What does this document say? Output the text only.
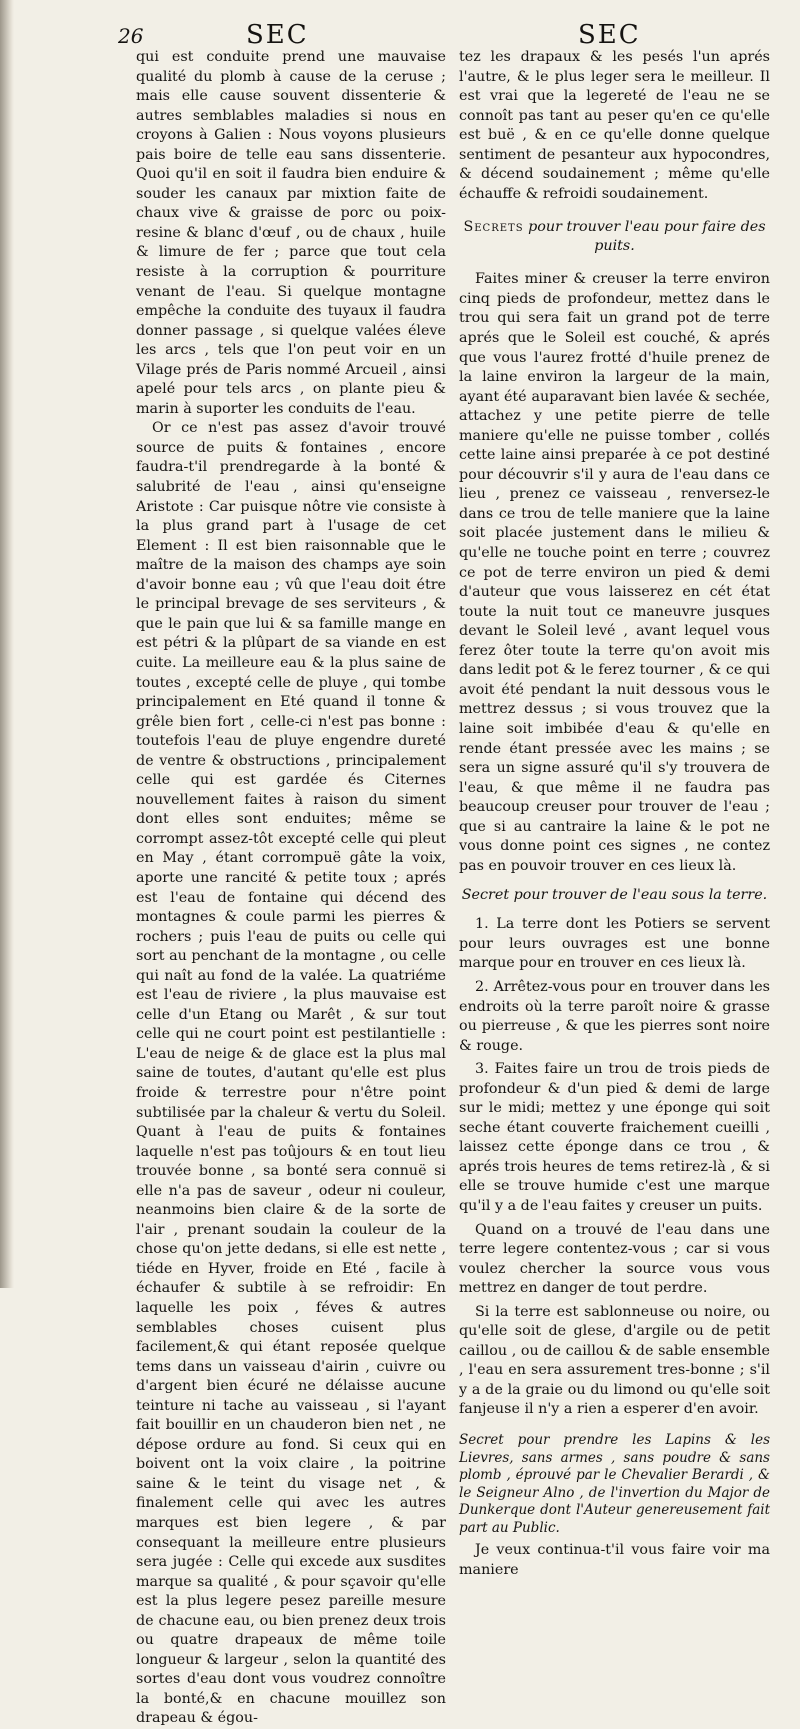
26	SEC	SEC

qui est conduite prend une mauvaise qualité du plomb à cause de la ceruse ; mais elle cause souvent dissenterie & autres semblables maladies si nous en croyons à Galien : Nous voyons plusieurs pais boire de telle eau sans dissenterie. Quoi qu'il en soit il faudra bien enduire & souder les canaux par mixtion faite de chaux vive & graisse de porc ou poix-resine & blanc d'œuf , ou de chaux , huile & limure de fer ; parce que tout cela resiste à la corruption & pourriture venant de l'eau. Si quelque montagne empêche la conduite des tuyaux il faudra donner passage , si quelque valées éleve les arcs , tels que l'on peut voir en un Vilage prés de Paris nommé Arcueil , ainsi apelé pour tels arcs , on plante pieu & marin à suporter les conduits de l'eau.

Or ce n'est pas assez d'avoir trouvé source de puits & fontaines , encore faudra-t'il prendregarde à la bonté & salubrité de l'eau , ainsi qu'enseigne Aristote : Car puisque nôtre vie consiste à la plus grand part à l'usage de cet Element : Il est bien raisonnable que le maître de la maison des champs aye soin d'avoir bonne eau ; vû que l'eau doit étre le principal brevage de ses serviteurs , & que le pain que lui & sa famille mange en est pétri & la plûpart de sa viande en est cuite. La meilleure eau & la plus saine de toutes , excepté celle de pluye , qui tombe principalement en Eté quand il tonne & grêle bien fort , celle-ci n'est pas bonne : toutefois l'eau de pluye engendre dureté de ventre & obstructions , principalement celle qui est gardée és Citernes nouvellement faites à raison du siment dont elles sont enduites; même se corrompt assez-tôt excepté celle qui pleut en May , étant corrompuë gâte la voix, aporte une rancité & petite toux ; aprés est l'eau de fontaine qui décend des montagnes & coule parmi les pierres & rochers ; puis l'eau de puits ou celle qui sort au penchant de la montagne , ou celle qui naît au fond de la valée. La quatriéme est l'eau de riviere , la plus mauvaise est celle d'un Etang ou Marêt , & sur tout celle qui ne court point est pestilantielle : L'eau de neige & de glace est la plus mal saine de toutes, d'autant qu'elle est plus froide & terrestre pour n'être point subtilisée par la chaleur & vertu du Soleil. Quant à l'eau de puits & fontaines laquelle n'est pas toûjours & en tout lieu trouvée bonne , sa bonté sera connuë si elle n'a pas de saveur , odeur ni couleur, neanmoins bien claire & de la sorte de l'air , prenant soudain la couleur de la chose qu'on jette dedans, si elle est nette , tiéde en Hyver, froide en Eté , facile à échaufer & subtile à se refroidir: En laquelle les poix , féves & autres semblables choses cuisent plus facilement,& qui étant reposée quelque tems dans un vaisseau d'airin , cuivre ou d'argent bien écuré ne délaisse aucune teinture ni tache au vaisseau , si l'ayant fait bouillir en un chauderon bien net , ne dépose ordure au fond. Si ceux qui en boivent ont la voix claire , la poitrine saine & le teint du visage net , & finalement celle qui avec les autres marques est bien legere , & par consequant la meilleure entre plusieurs sera jugée : Celle qui excede aux susdites marque sa qualité , & pour sçavoir qu'elle est la plus legere pesez pareille mesure de chacune eau, ou bien prenez deux trois ou quatre drapeaux de même toile longueur & largeur , selon la quantité des sortes d'eau dont vous voudrez connoître la bonté,& en chacune mouillez son drapeau & égou-

tez les drapaux & les pesés l'un aprés l'autre, & le plus leger sera le meilleur. Il est vrai que la legereté de l'eau ne se connoît pas tant au peser qu'en ce qu'elle est buë , & en ce qu'elle donne quelque sentiment de pesanteur aux hypocondres, & décend soudainement ; même qu'elle échauffe & refroidi soudainement.

Secrets pour trouver l'eau pour faire des puits.

Faites miner & creuser la terre environ cinq pieds de profondeur, mettez dans le trou qui sera fait un grand pot de terre aprés que le Soleil est couché, & aprés que vous l'aurez frotté d'huile prenez de la laine environ la largeur de la main, ayant été auparavant bien lavée & sechée, attachez y une petite pierre de telle maniere qu'elle ne puisse tomber , collés cette laine ainsi preparée à ce pot destiné pour découvrir s'il y aura de l'eau dans ce lieu , prenez ce vaisseau , renversez-le dans ce trou de telle maniere que la laine soit placée justement dans le milieu & qu'elle ne touche point en terre ; couvrez ce pot de terre environ un pied & demi d'auteur que vous laisserez en cét état toute la nuit tout ce maneuvre jusques devant le Soleil levé , avant lequel vous ferez ôter toute la terre qu'on avoit mis dans ledit pot & le ferez tourner , & ce qui avoit été pendant la nuit dessous vous le mettrez dessus ; si vous trouvez que la laine soit imbibée d'eau & qu'elle en rende étant pressée avec les mains ; se sera un signe assuré qu'il s'y trouvera de l'eau, & que même il ne faudra pas beaucoup creuser pour trouver de l'eau ; que si au cantraire la laine & le pot ne vous donne point ces signes , ne contez pas en pouvoir trouver en ces lieux là.

Secret pour trouver de l'eau sous la terre.

1. La terre dont les Potiers se servent pour leurs ouvrages est une bonne marque pour en trouver en ces lieux là.

2. Arrêtez-vous pour en trouver dans les endroits où la terre paroît noire & grasse ou pierreuse , & que les pierres sont noire & rouge.

3. Faites faire un trou de trois pieds de profondeur & d'un pied & demi de large sur le midi; mettez y une éponge qui soit seche étant couverte fraichement cueilli , laissez cette éponge dans ce trou , & aprés trois heures de tems retirez-là , & si elle se trouve humide c'est une marque qu'il y a de l'eau faites y creuser un puits.

Quand on a trouvé de l'eau dans une terre legere contentez-vous ; car si vous voulez chercher la source vous vous mettrez en danger de tout perdre.

Si la terre est sablonneuse ou noire, ou qu'elle soit de glese, d'argile ou de petit caillou , ou de caillou & de sable ensemble , l'eau en sera assurement tres-bonne ; s'il y a de la graie ou du limond ou qu'elle soit fanjeuse il n'y a rien a esperer d'en avoir.

Secret pour prendre les Lapins & les Lievres, sans armes , sans poudre & sans plomb , éprouvé par le Chevalier Berardi , & le Seigneur Alno , de l'invertion du Major de Dunkerque dont l'Auteur genereusement fait part au Public.

Je veux continua-t'il vous faire voir ma maniere
